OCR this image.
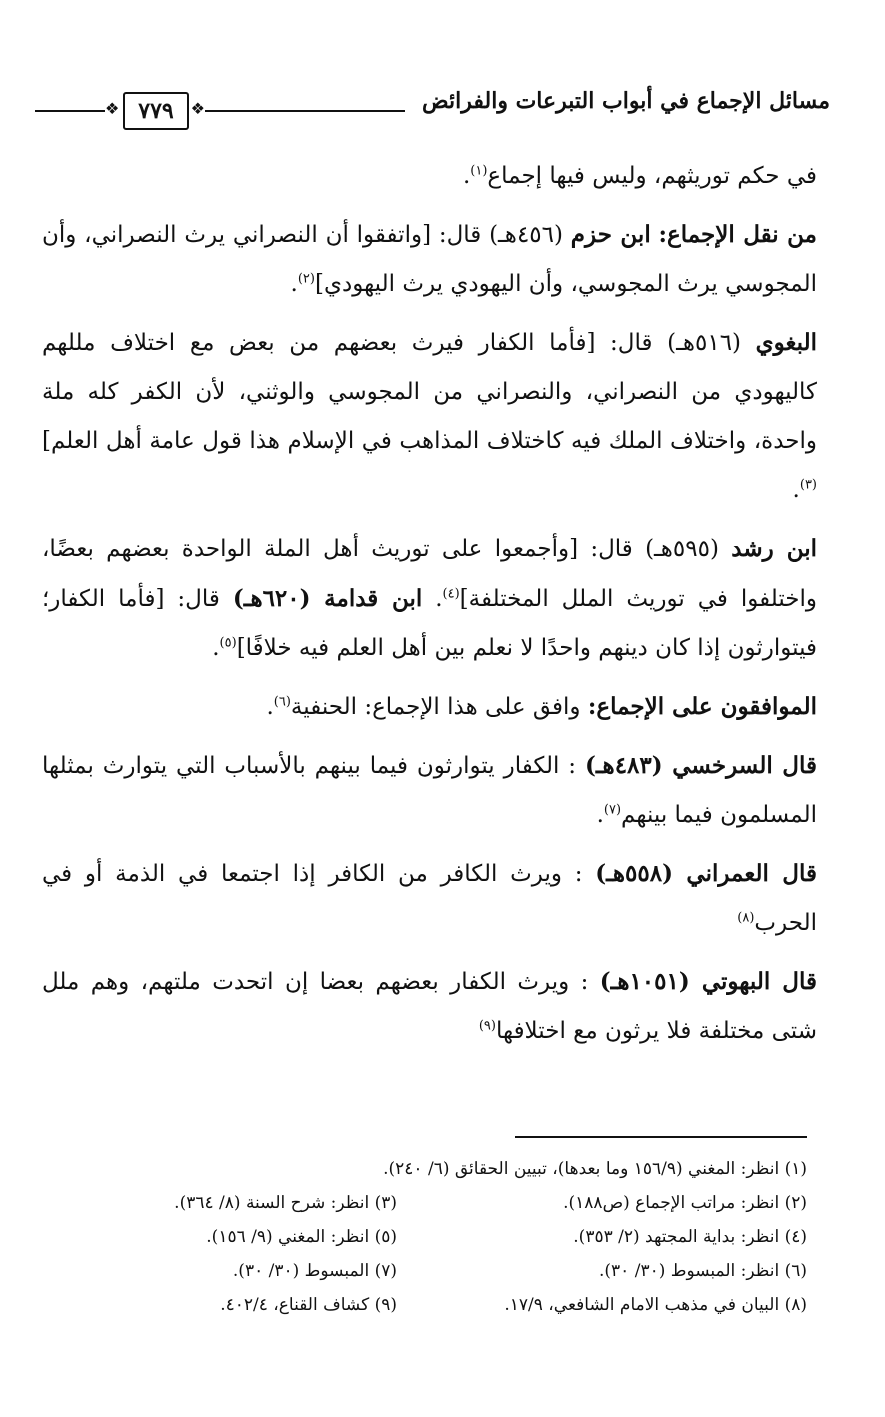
مسائل الإجماع في أبواب التبرعات والفرائض
❖ ٧٧٩	❖

في حكم توريثهم، وليس فيها إجماع$^{(١)}$.

من نقل الإجماع: ابن حزم (٤٥٦هـ) قال: [واتفقوا أن النصراني يرث النصراني، وأن المجوسي يرث المجوسي، وأن اليهودي يرث اليهودي]$^{(٢)}$.

البغوي (٥١٦هـ) قال: [فأما الكفار فيرث بعضهم من بعض مع اختلاف مللهم كاليهودي من النصراني، والنصراني من المجوسي والوثني، لأن الكفر كله ملة واحدة، واختلاف الملك فيه كاختلاف المذاهب في الإسلام هذا قول عامة أهل العلم]$^{(٣)}$.

ابن رشد (٥٩٥هـ) قال: [وأجمعوا على توريث أهل الملة الواحدة بعضهم بعضًا، واختلفوا في توريث الملل المختلفة]$^{(٤)}$. ابن قدامة (٦٢٠هـ) قال: [فأما الكفار؛ فيتوارثون إذا كان دينهم واحدًا لا نعلم بين أهل العلم فيه خلافًا]$^{(٥)}$.

الموافقون على الإجماع: وافق على هذا الإجماع: الحنفية$^{(٦)}$.

قال السرخسي (٤٨٣هـ) : الكفار يتوارثون فيما بينهم بالأسباب التي يتوارث بمثلها المسلمون فيما بينهم$^{(٧)}$.

قال العمراني (٥٥٨هـ) : ويرث الكافر من الكافر إذا اجتمعا في الذمة أو في الحرب$^{(٨)}$

قال البهوتي (١٠٥١هـ) : ويرث الكفار بعضهم بعضا إن اتحدت ملتهم، وهم ملل شتى مختلفة فلا يرثون مع اختلافها$^{(٩)}$

(١) انظر: المغني (١٥٦/٩ وما بعدها)، تبيين الحقائق (٦/ ٢٤٠).
(٢) انظر: مراتب الإجماع (ص١٨٨).
(٣) انظر: شرح السنة (٨/ ٣٦٤).
(٤) انظر: بداية المجتهد (٢/ ٣٥٣).
(٥) انظر: المغني (٩/ ١٥٦).
(٦) انظر: المبسوط (٣٠/ ٣٠).
(٧) المبسوط (٣٠/ ٣٠).
(٨) البيان في مذهب الامام الشافعي، ١٧/٩.
(٩) كشاف القناع، ٤٠٢/٤.
